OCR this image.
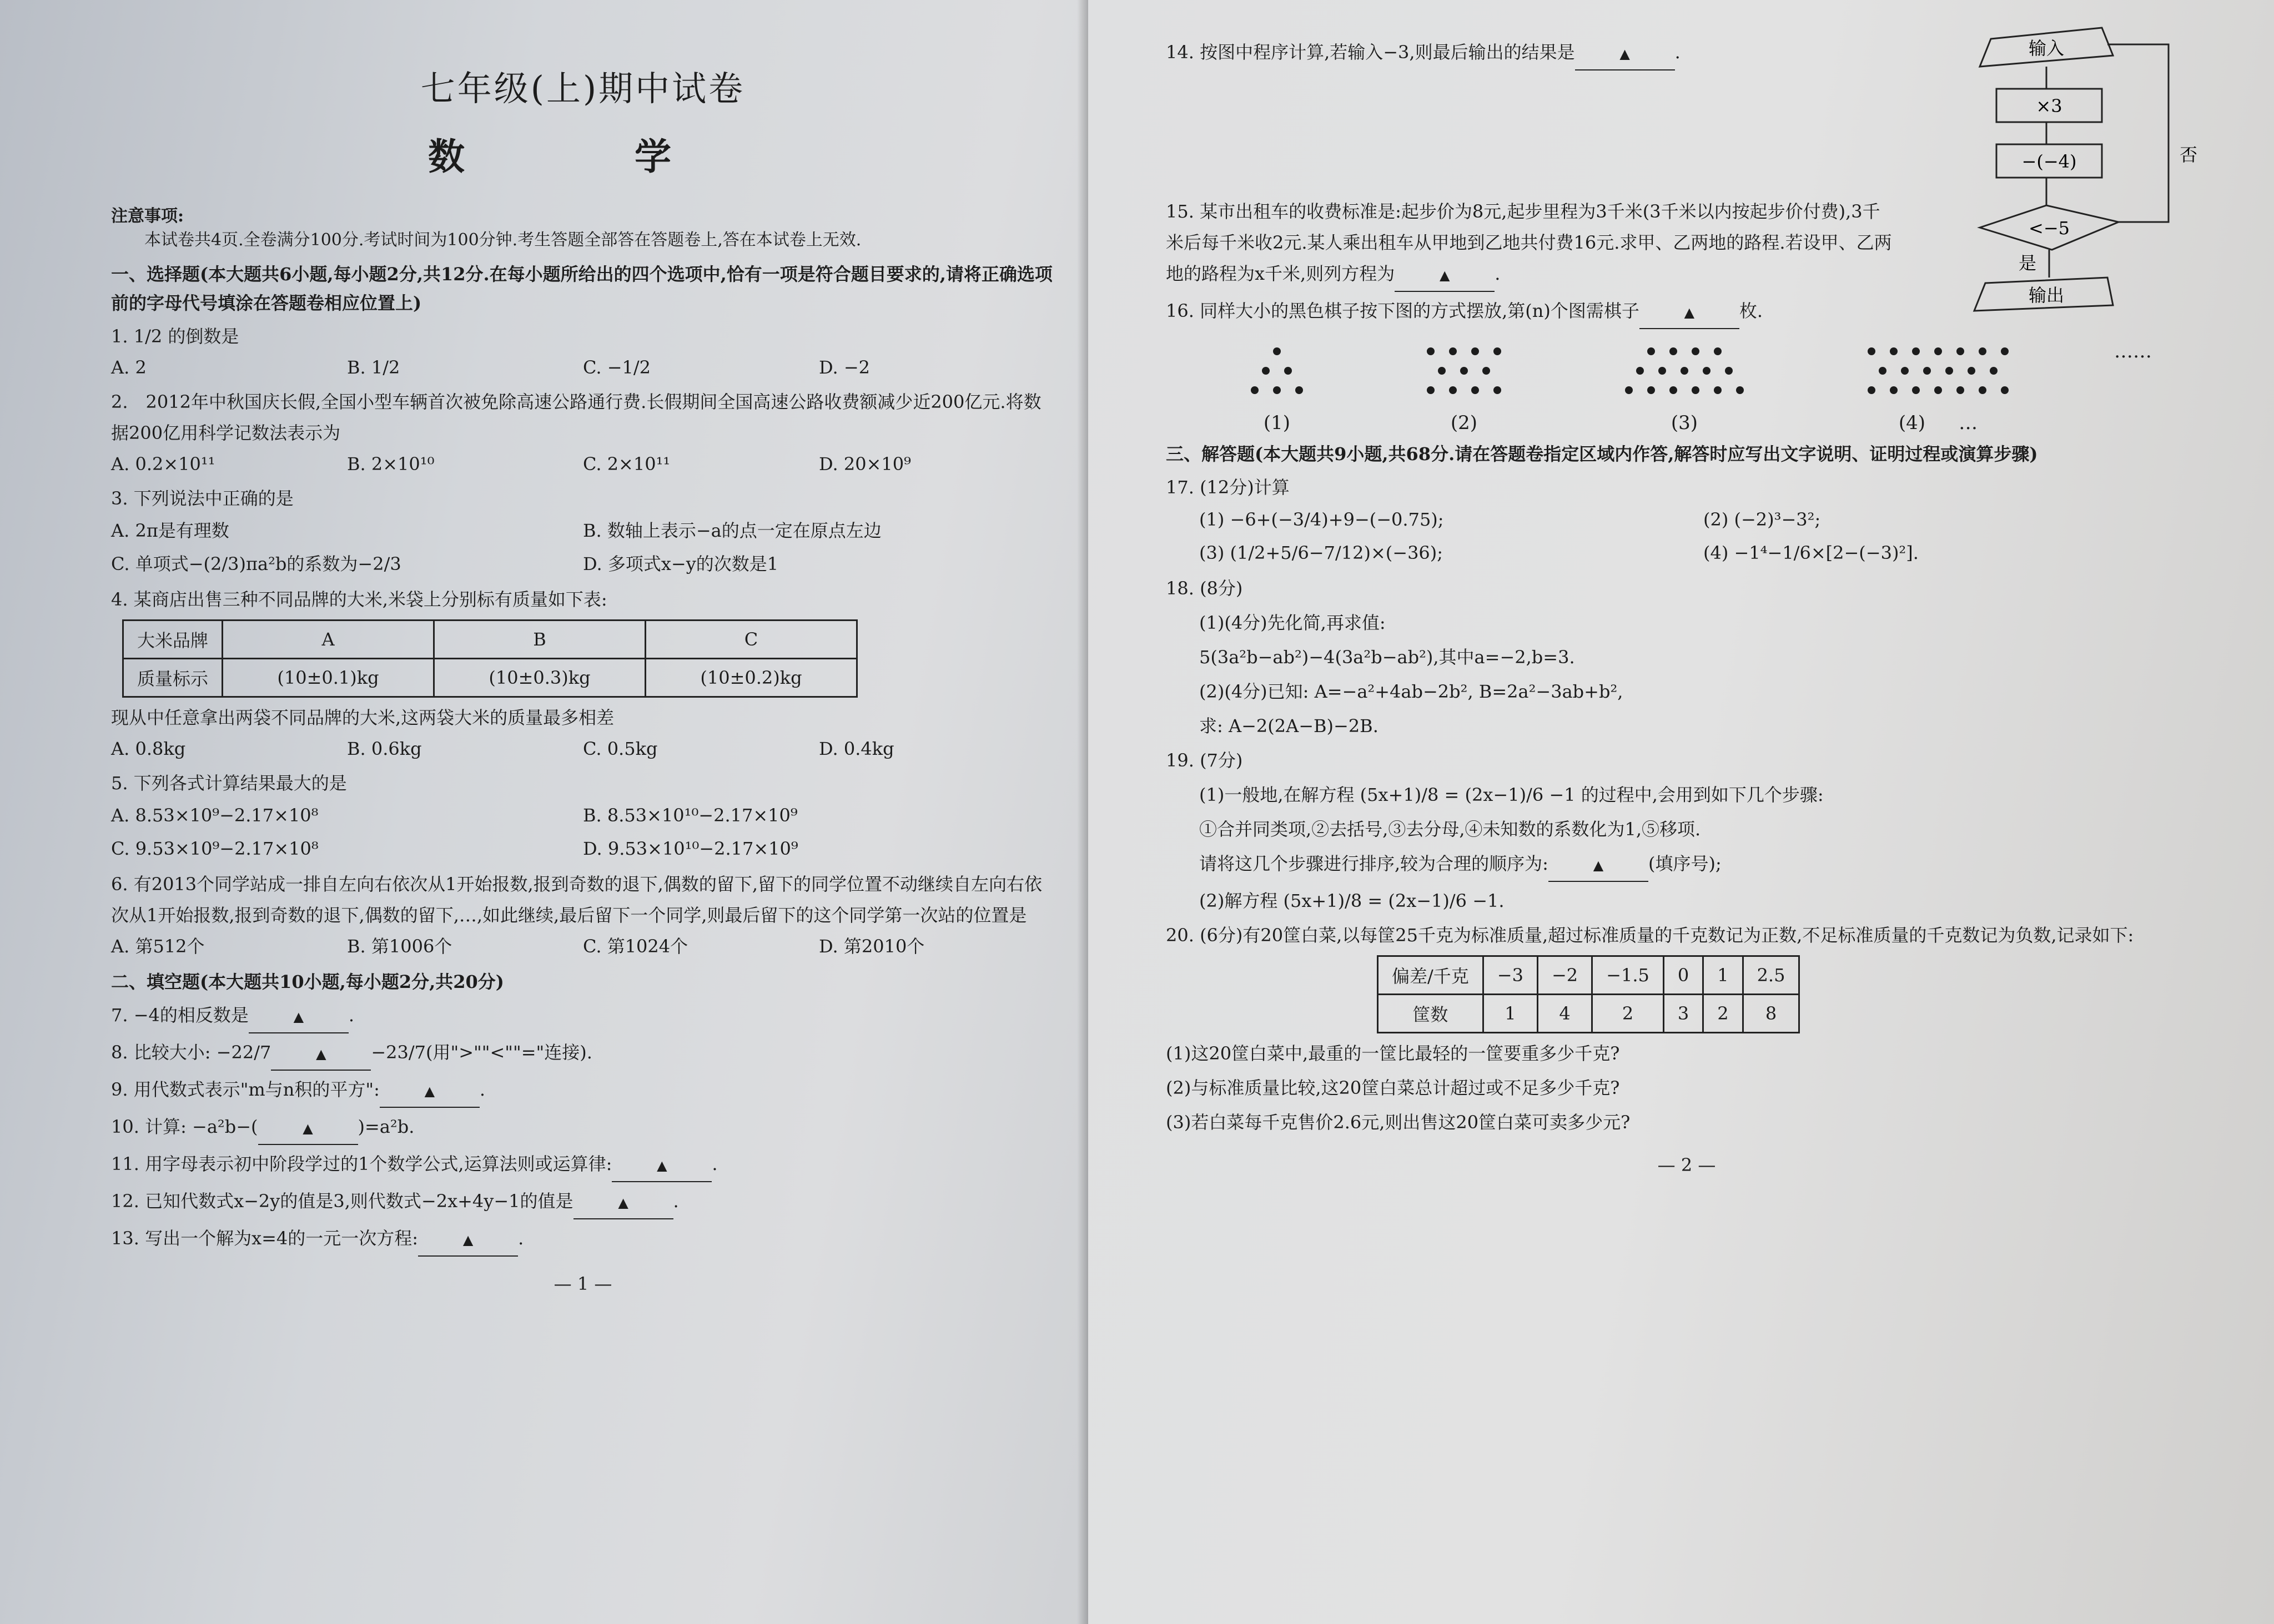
七年级(上)期中试卷
数　学
注意事项:
本试卷共4页.全卷满分100分.考试时间为100分钟.考生答题全部答在答题卷上,答在本试卷上无效.
一、选择题(本大题共6小题,每小题2分,共12分.在每小题所给出的四个选项中,恰有一项是符合题目要求的,请将正确选项前的字母代号填涂在答题卷相应位置上)
1. 1/2 的倒数是
A. 2	B. 1/2	C. −1/2	D. −2
2.　2012年中秋国庆长假,全国小型车辆首次被免除高速公路通行费.长假期间全国高速公路收费额减少近200亿元.将数据200亿用科学记数法表示为
A. 0.2×10¹¹	B. 2×10¹⁰	C. 2×10¹¹	D. 20×10⁹
3. 下列说法中正确的是
A. 2π是有理数	B. 数轴上表示−a的点一定在原点左边
C. 单项式−(2/3)πa²b的系数为−2/3	D. 多项式x−y的次数是1
4. 某商店出售三种不同品牌的大米,米袋上分别标有质量如下表:
大米品牌	A	B	C
质量标示	(10±0.1)kg	(10±0.3)kg	(10±0.2)kg
现从中任意拿出两袋不同品牌的大米,这两袋大米的质量最多相差
A. 0.8kg	B. 0.6kg	C. 0.5kg	D. 0.4kg
5. 下列各式计算结果最大的是
A. 8.53×10⁹−2.17×10⁸	B. 8.53×10¹⁰−2.17×10⁹
C. 9.53×10⁹−2.17×10⁸	D. 9.53×10¹⁰−2.17×10⁹
6. 有2013个同学站成一排自左向右依次从1开始报数,报到奇数的退下,偶数的留下,留下的同学位置不动继续自左向右依次从1开始报数,报到奇数的退下,偶数的留下,…,如此继续,最后留下一个同学,则最后留下的这个同学第一次站的位置是
A. 第512个	B. 第1006个	C. 第1024个	D. 第2010个
二、填空题(本大题共10小题,每小题2分,共20分)
7. −4的相反数是	▲	.
8. 比较大小: −22/7	▲	−23/7(用">""<""="连接).
9. 用代数式表示"m与n积的平方":	▲	.
10. 计算: −a²b−(	▲	)=a²b.
11. 用字母表示初中阶段学过的1个数学公式,运算法则或运算律:	▲	.
12. 已知代数式x−2y的值是3,则代数式−2x+4y−1的值是	▲	.
13. 写出一个解为x=4的一元一次方程:	▲	.
— 1 —
输入
×3
−(−4)
<−5
否
是
输出
14. 按图中程序计算,若输入−3,则最后输出的结果是	▲	.
15. 某市出租车的收费标准是:起步价为8元,起步里程为3千米(3千米以内按起步价付费),3千米后每千米收2元.某人乘出租车从甲地到乙地共付费16元.求甲、乙两地的路程.若设甲、乙两地的路程为x千米,则列方程为	▲	.
16. 同样大小的黑色棋子按下图的方式摆放,第(n)个图需棋子	▲	枚.
(1)	(2)	(3)	(4) …
……
三、解答题(本大题共9小题,共68分.请在答题卷指定区域内作答,解答时应写出文字说明、证明过程或演算步骤)
17. (12分)计算
(1) −6+(−3/4)+9−(−0.75);	(2) (−2)³−3²;
(3) (1/2+5/6−7/12)×(−36);	(4) −1⁴−1/6×[2−(−3)²].
18. (8分)
(1)(4分)先化简,再求值:
5(3a²b−ab²)−4(3a²b−ab²),其中a=−2,b=3.
(2)(4分)已知: A=−a²+4ab−2b², B=2a²−3ab+b²,
求: A−2(2A−B)−2B.
19. (7分)
(1)一般地,在解方程 (5x+1)/8 = (2x−1)/6 −1 的过程中,会用到如下几个步骤:
①合并同类项,②去括号,③去分母,④未知数的系数化为1,⑤移项.
请将这几个步骤进行排序,较为合理的顺序为:	▲	(填序号);
(2)解方程 (5x+1)/8 = (2x−1)/6 −1.
20. (6分)有20筐白菜,以每筐25千克为标准质量,超过标准质量的千克数记为正数,不足标准质量的千克数记为负数,记录如下:
偏差/千克	−3	−2	−1.5	0	1	2.5
筐数	1	4	2	3	2	8
(1)这20筐白菜中,最重的一筐比最轻的一筐要重多少千克?
(2)与标准质量比较,这20筐白菜总计超过或不足多少千克?
(3)若白菜每千克售价2.6元,则出售这20筐白菜可卖多少元?
— 2 —
